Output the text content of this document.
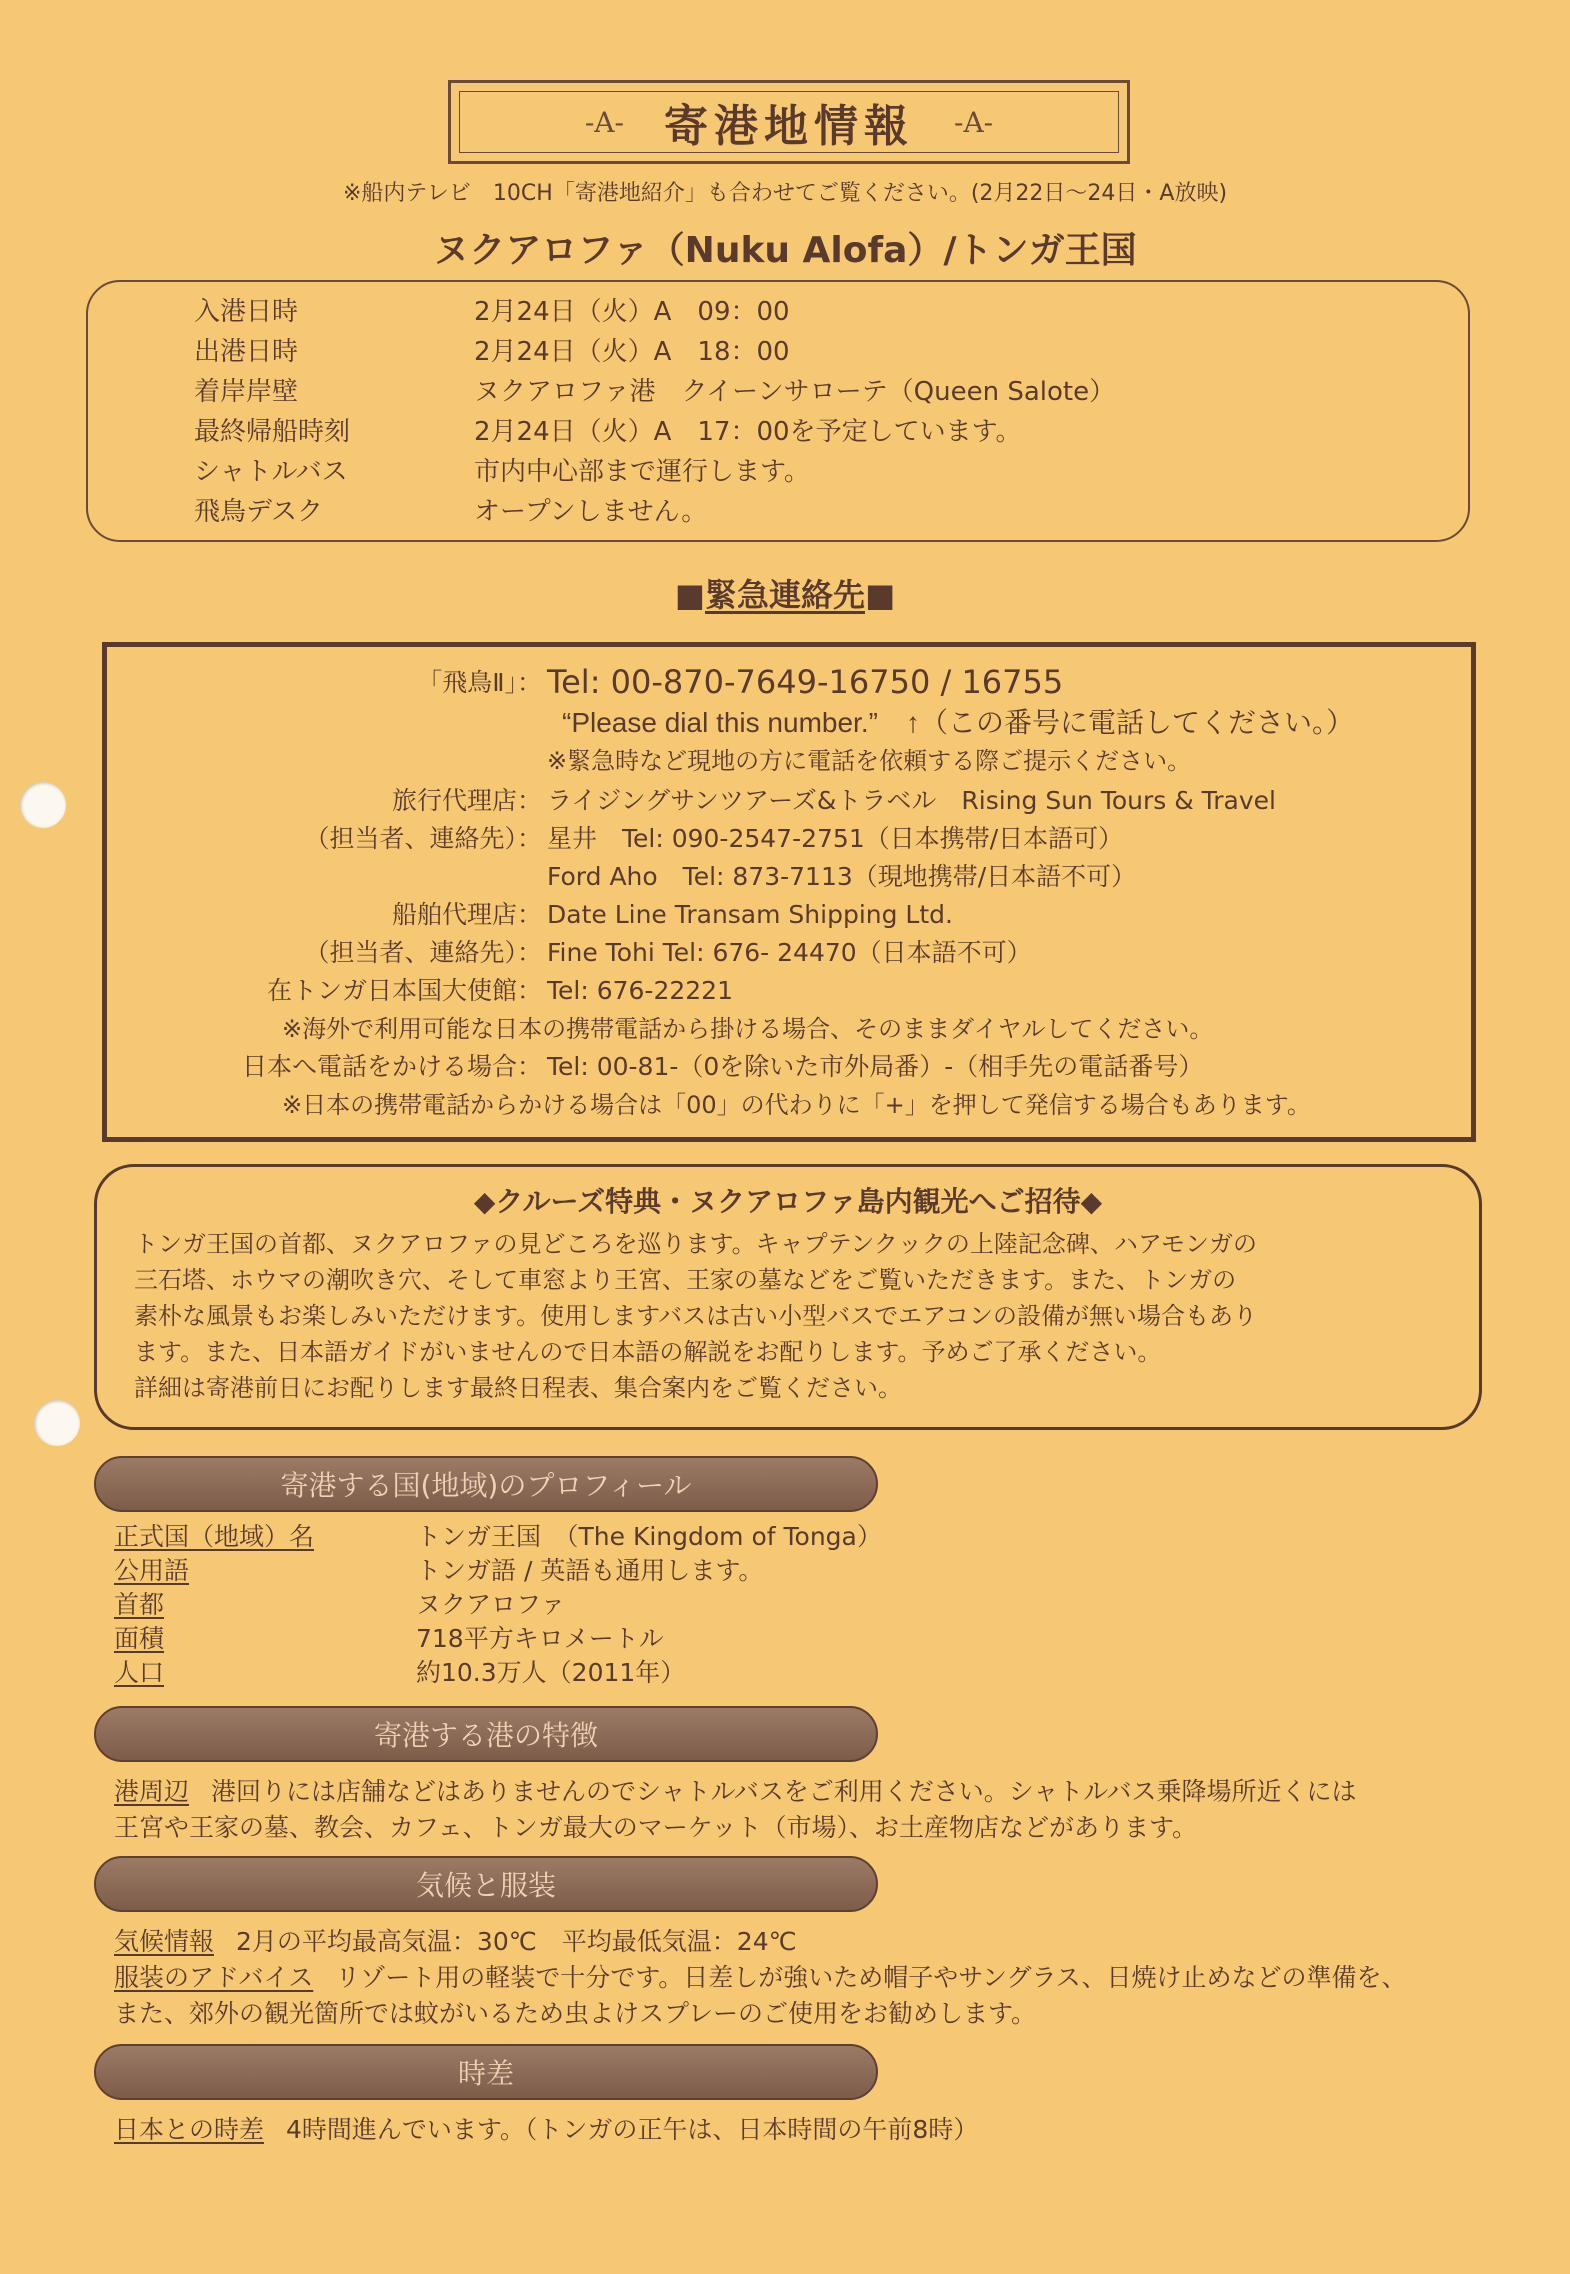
-A- 寄港地情報 -A-
※船内テレビ　10CH「寄港地紹介」も合わせてご覧ください。(2月22日〜24日・A放映)
ヌクアロファ（Nuku Alofa）/トンガ王国
入港日時	2月24日（火）A　09：00
出港日時	2月24日（火）A　18：00
着岸岸壁	ヌクアロファ港　クイーンサローテ（Queen Salote）
最終帰船時刻	2月24日（火）A　17：00を予定しています。
シャトルバス	市内中心部まで運行します。
飛鳥デスク	オープンしません。
■緊急連絡先■
「飛鳥Ⅱ」： Tel: 00-870-7649-16750 / 16755
“Please dial this number.”　 ↑（この番号に電話してください。）
※緊急時など現地の方に電話を依頼する際ご提示ください。
旅行代理店： ライジングサンツアーズ&トラベル　Rising Sun Tours & Travel
（担当者、連絡先）： 星井　Tel: 090-2547-2751（日本携帯/日本語可）
Ford Aho　Tel: 873-7113（現地携帯/日本語不可）
船舶代理店： Date Line Transam Shipping Ltd.
（担当者、連絡先）： Fine Tohi Tel: 676- 24470（日本語不可）
在トンガ日本国大使館： Tel: 676-22221
※海外で利用可能な日本の携帯電話から掛ける場合、そのままダイヤルしてください。
日本へ電話をかける場合： Tel: 00-81-（0を除いた市外局番）-（相手先の電話番号）
※日本の携帯電話からかける場合は「00」の代わりに「+」を押して発信する場合もあります。
◆クルーズ特典・ヌクアロファ島内観光へご招待◆
トンガ王国の首都、ヌクアロファの見どころを巡ります。キャプテンクックの上陸記念碑、ハアモンガの
三石塔、ホウマの潮吹き穴、そして車窓より王宮、王家の墓などをご覧いただきます。また、トンガの
素朴な風景もお楽しみいただけます。使用しますバスは古い小型バスでエアコンの設備が無い場合もあり
ます。また、日本語ガイドがいませんので日本語の解説をお配りします。予めご了承ください。
詳細は寄港前日にお配りします最終日程表、集合案内をご覧ください。
寄港する国(地域)のプロフィール
正式国（地域）名	トンガ王国　（The Kingdom of Tonga）
公用語	トンガ語 / 英語も通用します。
首都	ヌクアロファ
面積	718平方キロメートル
人口	約10.3万人（2011年）
寄港する港の特徴
港周辺 港回りには店舗などはありませんのでシャトルバスをご利用ください。シャトルバス乗降場所近くには
王宮や王家の墓、教会、カフェ、トンガ最大のマーケット（市場）、お土産物店などがあります。
気候と服装
気候情報 2月の平均最高気温：30℃　平均最低気温：24℃
服装のアドバイス リゾート用の軽装で十分です。日差しが強いため帽子やサングラス、日焼け止めなどの準備を、
また、郊外の観光箇所では蚊がいるため虫よけスプレーのご使用をお勧めします。
時差
日本との時差 4時間進んでいます。（トンガの正午は、日本時間の午前8時）
